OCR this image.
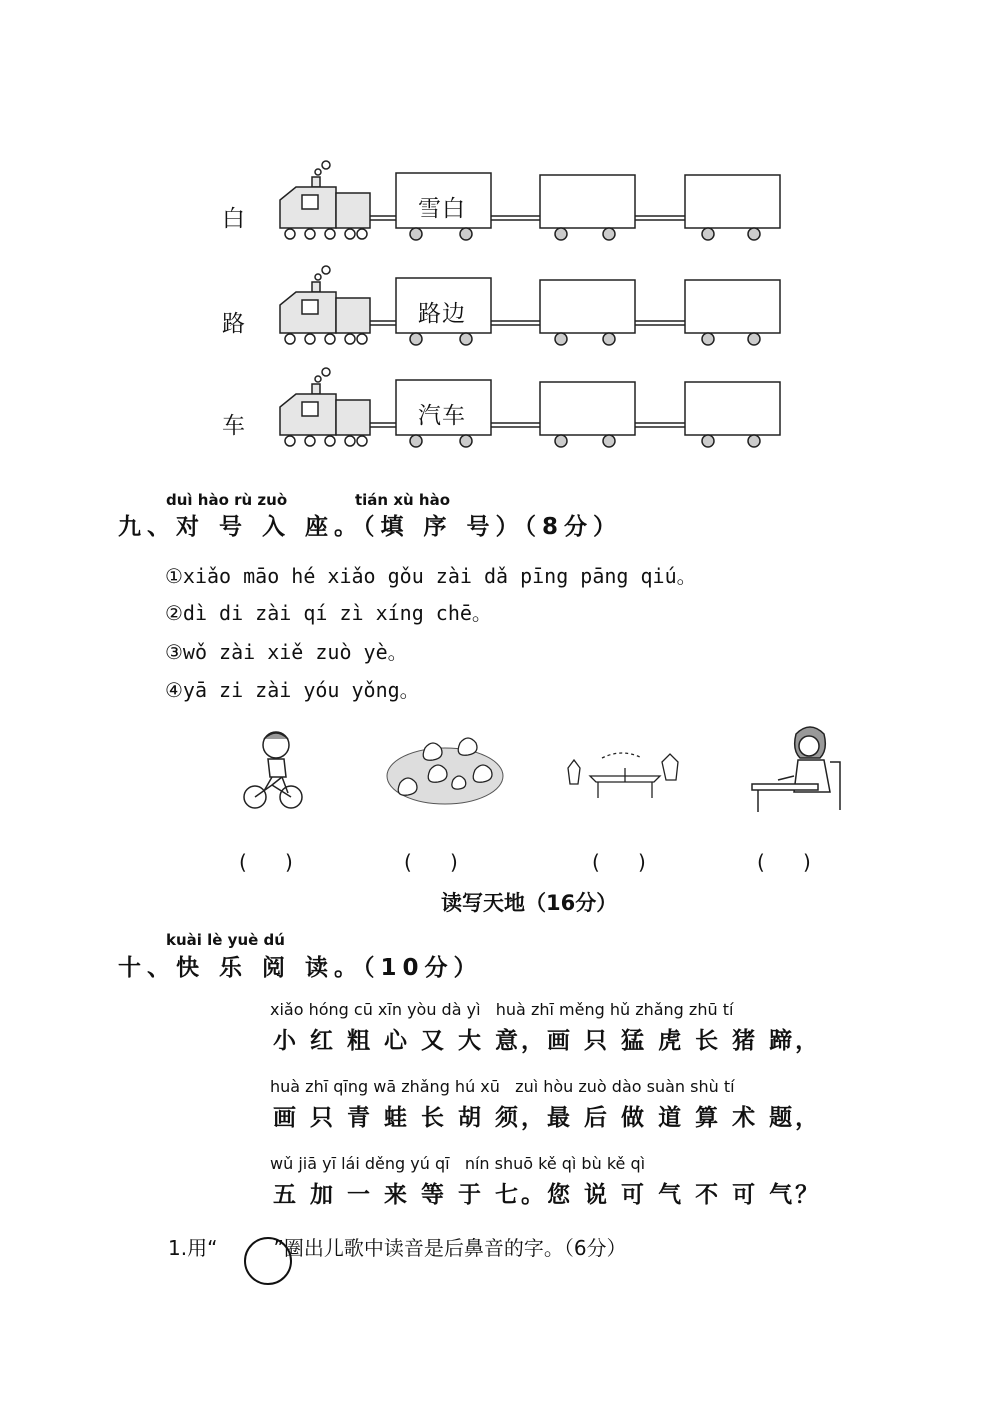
白	雪白
路	路边
车	汽车
duì hào rù zuò	tián xù hào
九、对 号 入 座。（填 序 号）（8分）
①xiǎo māo hé xiǎo gǒu zài dǎ pīng pāng qiú。
②dì di zài qí zì xíng chē。
③wǒ zài xiě zuò yè。
④yā zi zài yóu yǒng。
(      )	(      )	(      )	(      )
读写天地（16分）
kuài lè yuè dú
十、快 乐 阅 读。（10分）
xiǎo hóng cū xīn yòu dà yì   huà zhī měng hǔ zhǎng zhū tí
小 红 粗 心 又 大 意，画 只 猛 虎 长 猪 蹄，
huà zhī qīng wā zhǎng hú xū   zuì hòu zuò dào suàn shù tí
画 只 青 蛙 长 胡 须，最 后 做 道 算 术 题，
wǔ jiā yī lái děng yú qī   nín shuō kě qì bù kě qì
五 加 一 来 等 于 七。您 说 可 气 不 可 气？
1.用“	”圈出儿歌中读音是后鼻音的字。（6分）
